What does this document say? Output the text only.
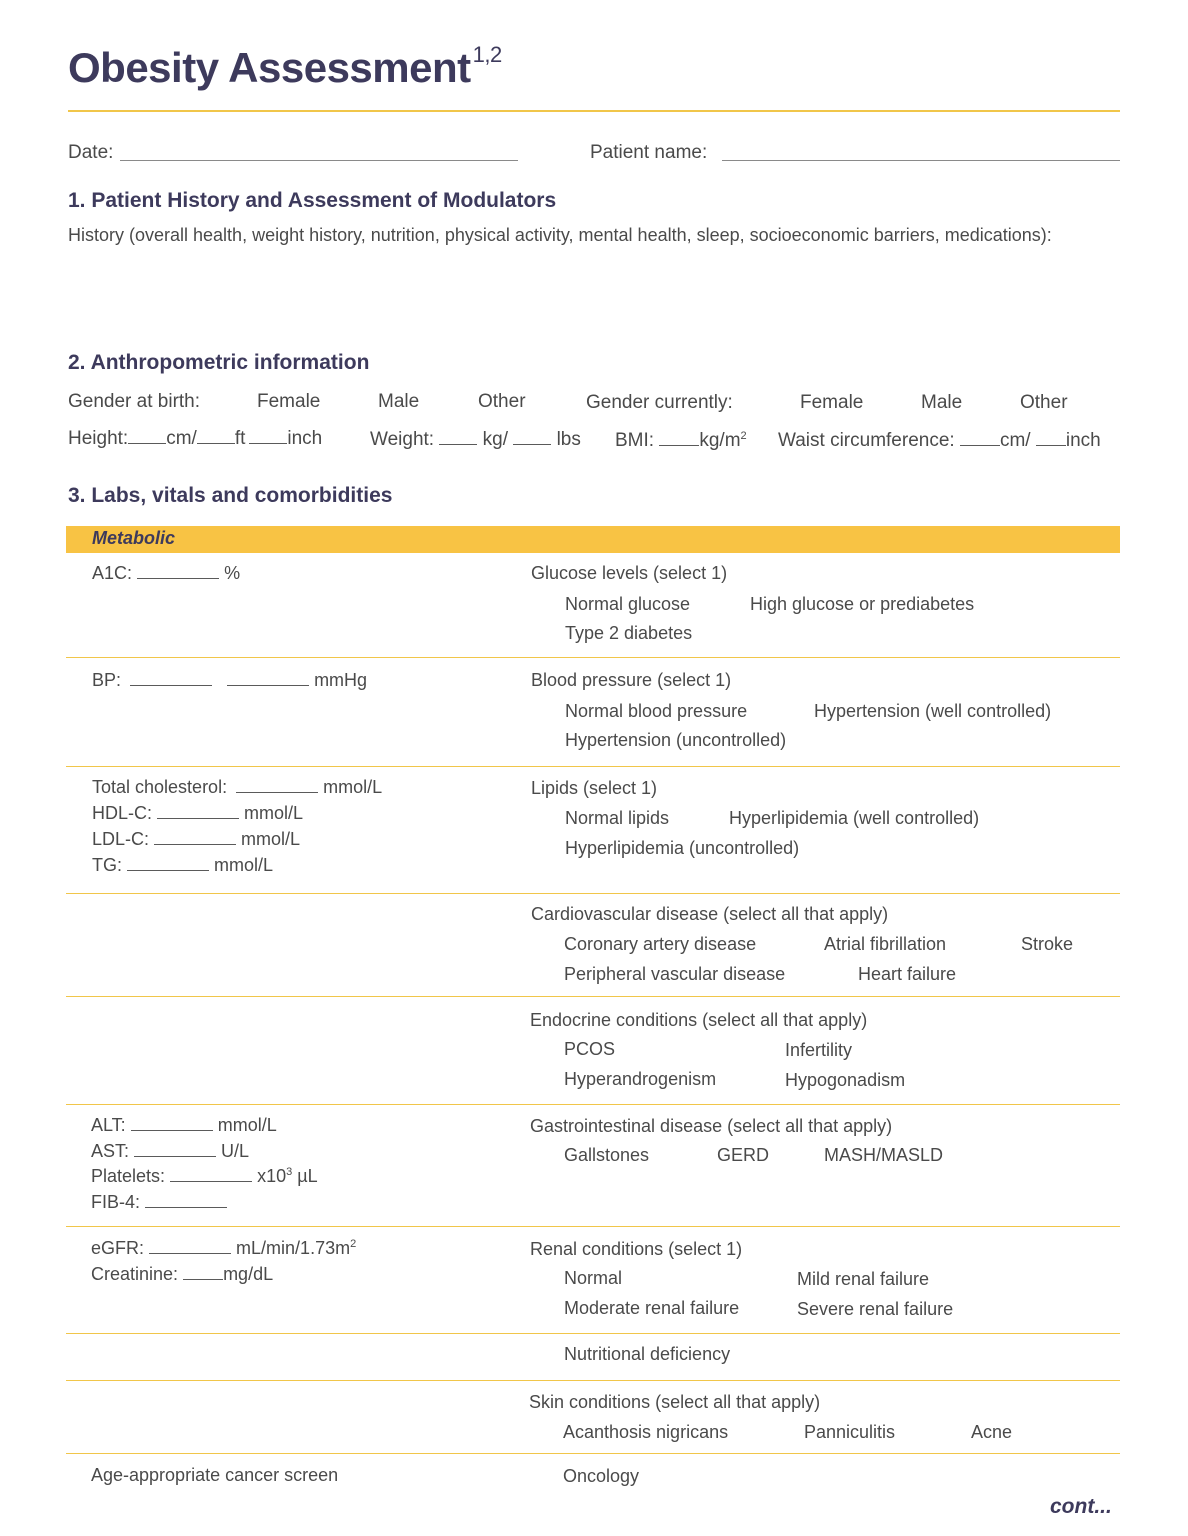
Obesity Assessment$^{1,2}$
Date:	Patient name:
1. Patient History and Assessment of Modulators
History (overall health, weight history, nutrition, physical activity, mental health, sleep, socioeconomic barriers, medications):
2. Anthropometric information
Gender at birth:	Female	Male	Other	Gender currently:	Female	Male	Other
Height: cm/ ft inch	Weight:	kg/	lbs BMI: $kg/m^2$ Waist circumference: cm/ inch
3. Labs, vitals and comorbidities
Metabolic
A1C:	%	Glucose levels (select 1)
Normal glucose	High glucose or prediabetes
Type 2 diabetes
BP:	mmHg	Blood pressure (select 1)
Normal blood pressure	Hypertension (well controlled)
Hypertension (uncontrolled)
Total cholesterol:	mmol/L
HDL-C:	mmol/L
LDL-C:	mmol/L
TG:	mmol/L
Lipids (select 1)
Normal lipids	Hyperlipidemia (well controlled)
Hyperlipidemia (uncontrolled)
Cardiovascular disease (select all that apply)
Coronary artery disease	Atrial fibrillation	Stroke
Peripheral vascular disease	Heart failure
Endocrine conditions (select all that apply)
PCOS	Infertility
Hyperandrogenism	Hypogonadism
ALT:	mmol/L
AST:	U/L
Platelets:	$x10^3$ µL
FIB-4:
Gastrointestinal disease (select all that apply)
Gallstones	GERD	MASH/MASLD
eGFR:	$mL/\min/1.73m^2$
Creatinine:	mg/dL
Renal conditions (select 1)
Normal	Mild renal failure
Moderate renal failure	Severe renal failure
Nutritional deficiency
Skin conditions (select all that apply)
Acanthosis nigricans	Panniculitis	Acne
Age-appropriate cancer screen	Oncology
cont...
